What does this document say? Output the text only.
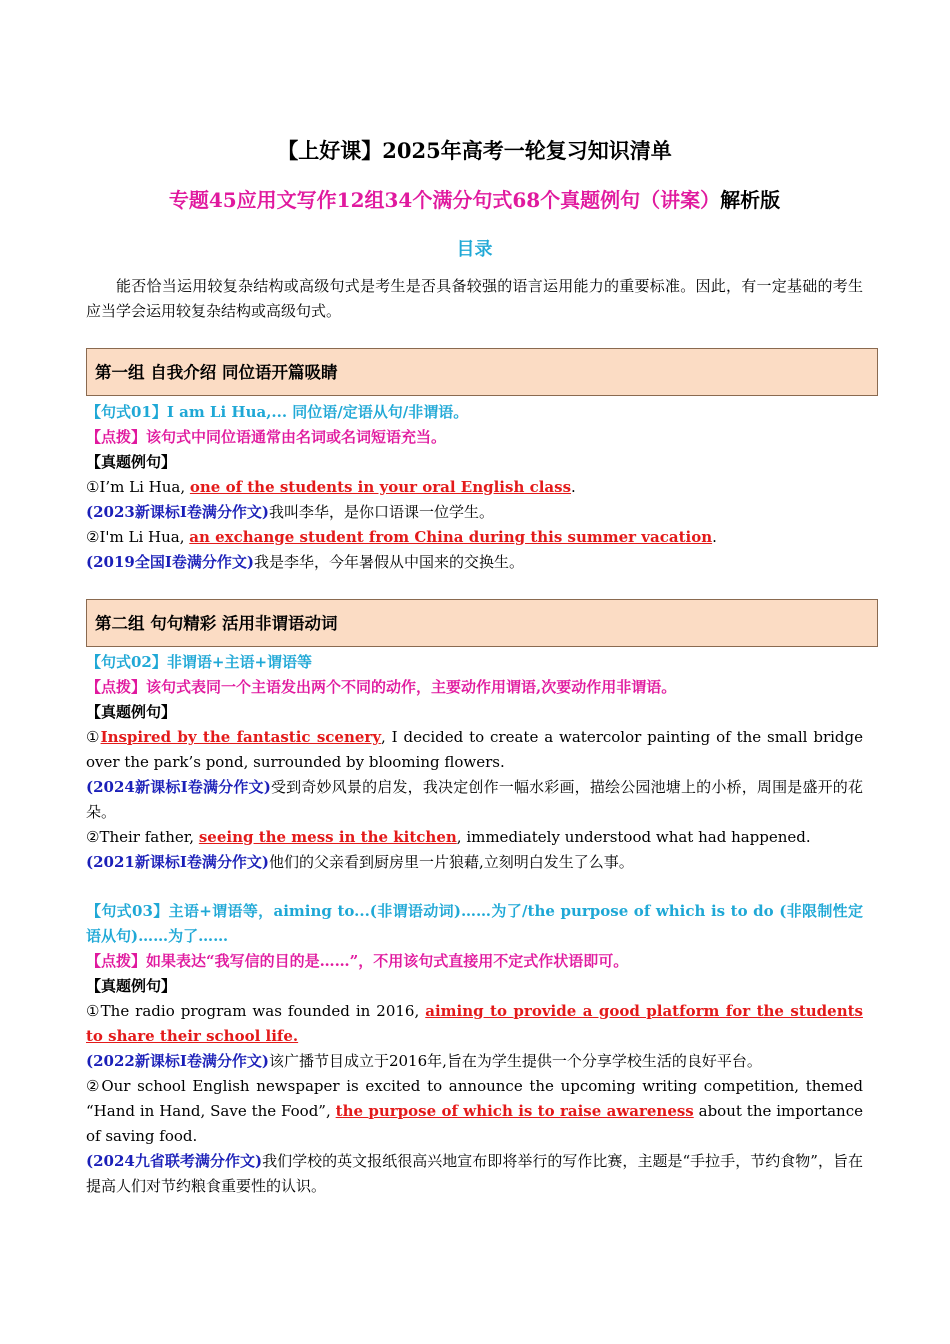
【上好课】2025年高考一轮复习知识清单
专题45应用文写作12组34个满分句式68个真题例句（讲案）解析版
目录
能否恰当运用较复杂结构或高级句式是考生是否具备较强的语言运用能力的重要标准。因此，有一定基础的考生应当学会运用较复杂结构或高级句式。
第一组 自我介绍 同位语开篇吸睛
【句式01】I am Li Hua,... 同位语/定语从句/非谓语。
【点拨】该句式中同位语通常由名词或名词短语充当。
【真题例句】
①I’m Li Hua, one of the students in your oral English class.
(2023新课标I卷满分作文)我叫李华，是你口语课一位学生。
②I'm Li Hua, an exchange student from China during this summer vacation.
(2019全国I卷满分作文)我是李华，今年暑假从中国来的交换生。
第二组 句句精彩 活用非谓语动词
【句式02】非谓语+主语+谓语等
【点拨】该句式表同一个主语发出两个不同的动作，主要动作用谓语,次要动作用非谓语。
【真题例句】
①Inspired by the fantastic scenery, I decided to create a watercolor painting of the small bridge over the park’s pond, surrounded by blooming flowers.
(2024新课标I卷满分作文)受到奇妙风景的启发，我决定创作一幅水彩画，描绘公园池塘上的小桥，周围是盛开的花朵。
②Their father, seeing the mess in the kitchen, immediately understood what had happened.
(2021新课标I卷满分作文)他们的父亲看到厨房里一片狼藉,立刻明白发生了么事。
【句式03】主语+谓语等，aiming to...(非谓语动词)……为了/the purpose of which is to do (非限制性定语从句)……为了……
【点拨】如果表达“我写信的目的是……”，不用该句式直接用不定式作状语即可。
【真题例句】
①The radio program was founded in 2016, aiming to provide a good platform for the students to share their school life.
(2022新课标I卷满分作文)该广播节目成立于2016年,旨在为学生提供一个分享学校生活的良好平台。
②Our school English newspaper is excited to announce the upcoming writing competition, themed “Hand in Hand, Save the Food”, the purpose of which is to raise awareness about the importance of saving food.
(2024九省联考满分作文)我们学校的英文报纸很高兴地宣布即将举行的写作比赛，主题是“手拉手，节约食物”，旨在提高人们对节约粮食重要性的认识。
